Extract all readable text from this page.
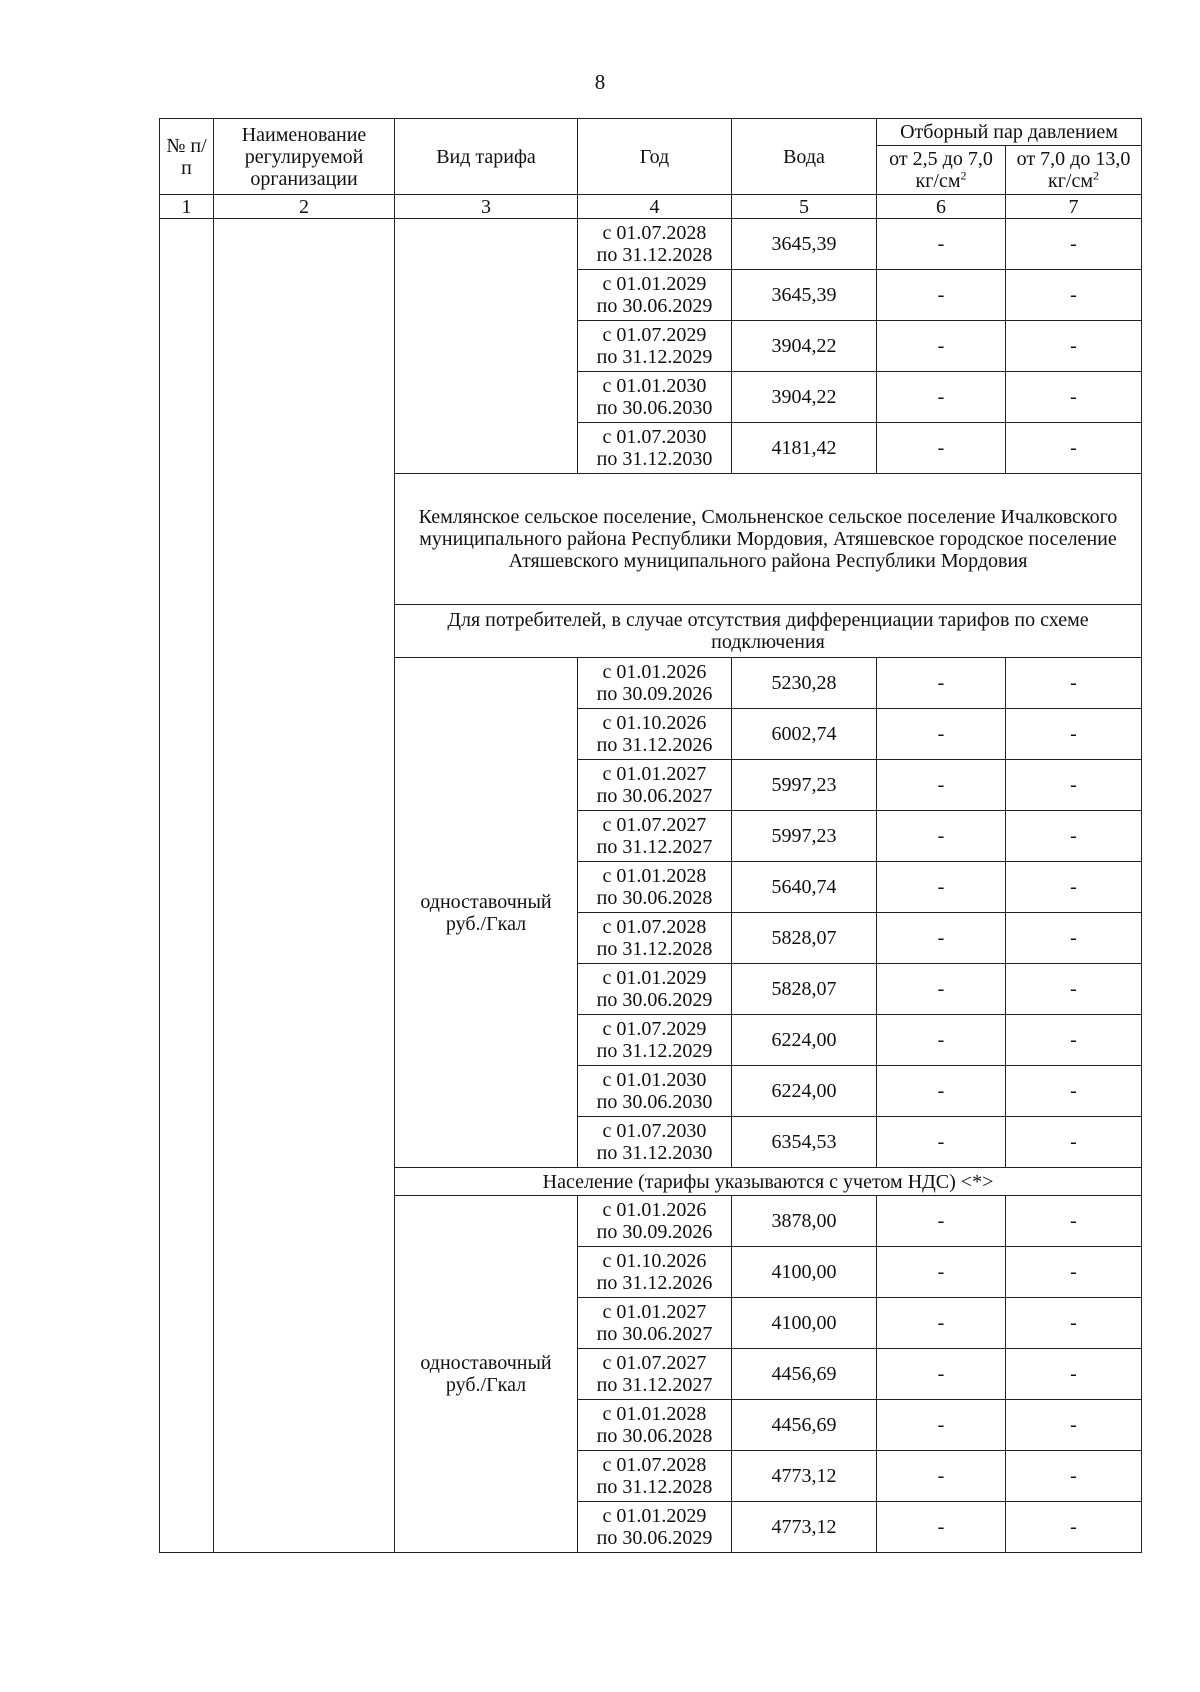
8
№ п/п	Наименование регулируемой организации	Вид тарифа	Год	Вода	Отборный пар давлением	
					от 2,5 до 7,0 $кг/см^2$	от 7,0 до 13,0 $кг/см^2$
1	2	3	4	5	6	7
			с 01.07.2028
по 31.12.2028	3645,39	-	-
			с 01.01.2029
по 30.06.2029	3645,39	-	-
			с 01.07.2029
по 31.12.2029	3904,22	-	-
			с 01.01.2030
по 30.06.2030	3904,22	-	-
			с 01.07.2030
по 31.12.2030	4181,42	-	-
		Кемлянское сельское поселение, Смольненское сельское поселение Ичалковского муниципального района Республики Мордовия, Атяшевское городское поселение Атяшевского муниципального района Республики Мордовия				
		Для потребителей, в случае отсутствия дифференциации тарифов по схеме подключения				
		одноставочный руб./Гкал	с 01.01.2026
по 30.09.2026	5230,28	-	-
			с 01.10.2026
по 31.12.2026	6002,74	-	-
			с 01.01.2027
по 30.06.2027	5997,23	-	-
			с 01.07.2027
по 31.12.2027	5997,23	-	-
			с 01.01.2028
по 30.06.2028	5640,74	-	-
			с 01.07.2028
по 31.12.2028	5828,07	-	-
			с 01.01.2029
по 30.06.2029	5828,07	-	-
			с 01.07.2029
по 31.12.2029	6224,00	-	-
			с 01.01.2030
по 30.06.2030	6224,00	-	-
			с 01.07.2030
по 31.12.2030	6354,53	-	-
		Население (тарифы указываются с учетом НДС) <*>				
		одноставочный руб./Гкал	с 01.01.2026
по 30.09.2026	3878,00	-	-
			с 01.10.2026
по 31.12.2026	4100,00	-	-
			с 01.01.2027
по 30.06.2027	4100,00	-	-
			с 01.07.2027
по 31.12.2027	4456,69	-	-
			с 01.01.2028
по 30.06.2028	4456,69	-	-
			с 01.07.2028
по 31.12.2028	4773,12	-	-
			с 01.01.2029
по 30.06.2029	4773,12	-	-
